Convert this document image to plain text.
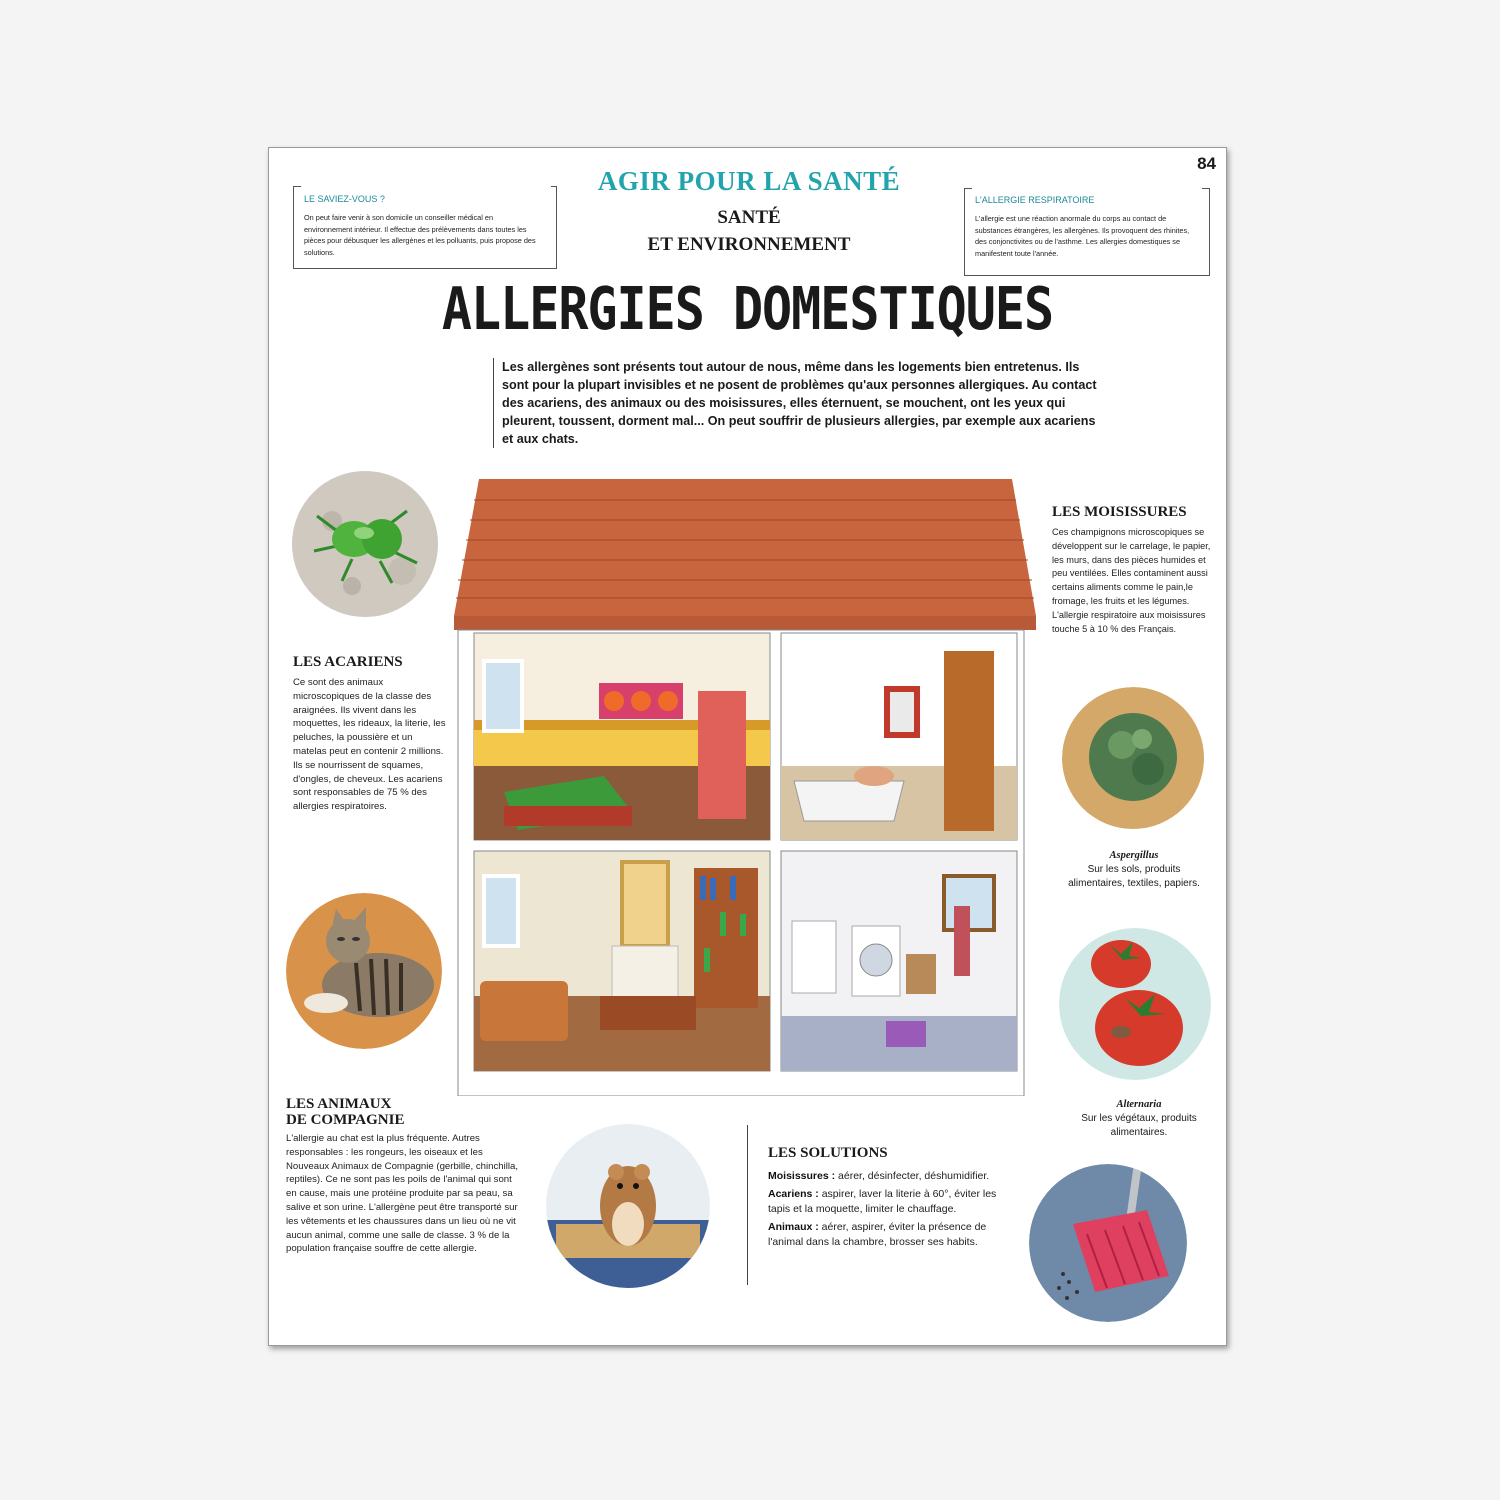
84
LE SAVIEZ-VOUS ?
On peut faire venir à son domicile un conseiller médical en environnement intérieur. Il effectue des prélèvements dans toutes les pièces pour débusquer les allergènes et les polluants, puis propose des solutions.
L'ALLERGIE RESPIRATOIRE
L'allergie est une réaction anormale du corps au contact de substances étrangères, les allergènes. Ils provoquent des rhinites, des conjonctivites ou de l'asthme. Les allergies domestiques se manifestent toute l'année.
AGIR POUR LA SANTÉ
SANTÉ
ET ENVIRONNEMENT
ALLERGIES DOMESTIQUES
Les allergènes sont présents tout autour de nous, même dans les logements bien entretenus. Ils sont pour la plupart invisibles et ne posent de problèmes qu'aux personnes allergiques. Au contact des acariens, des animaux ou des moisissures, elles éternuent, se mouchent, ont les yeux qui pleurent, toussent, dorment mal... On peut souffrir de plusieurs allergies, par exemple aux acariens et aux chats.
LES ACARIENS
Ce sont des animaux microscopiques de la classe des araignées. Ils vivent dans les moquettes, les rideaux, la literie, les peluches, la poussière et un matelas peut en contenir 2 millions. Ils se nourrissent de squames, d'ongles, de cheveux. Les acariens sont responsables de 75 % des allergies respiratoires.
LES ANIMAUX
DE COMPAGNIE
L'allergie au chat est la plus fréquente. Autres responsables : les rongeurs, les oiseaux et les Nouveaux Animaux de Compagnie (gerbille, chinchilla, reptiles). Ce ne sont pas les poils de l'animal qui sont en cause, mais une protéine produite par sa peau, sa salive et son urine. L'allergène peut être transporté sur les vêtements et les chaussures dans un lieu où ne vit aucun animal, comme une salle de classe. 3 % de la population française souffre de cette allergie.
LES MOISISSURES
Ces champignons microscopiques se développent sur le carrelage, le papier, les murs, dans des pièces humides et peu ventilées. Elles contaminent aussi certains aliments comme le pain,le fromage, les fruits et les légumes. L'allergie respiratoire aux moisissures touche 5 à 10 % des Français.
Aspergillus
Sur les sols, produits alimentaires, textiles, papiers.
Alternaria
Sur les végétaux, produits alimentaires.
LES SOLUTIONS

Moisissures : aérer, désinfecter, déshumidifier.

Acariens : aspirer, laver la literie à 60°, éviter les tapis et la moquette, limiter le chauffage.

Animaux : aérer, aspirer, éviter la présence de l'animal dans la chambre, brosser ses habits.
